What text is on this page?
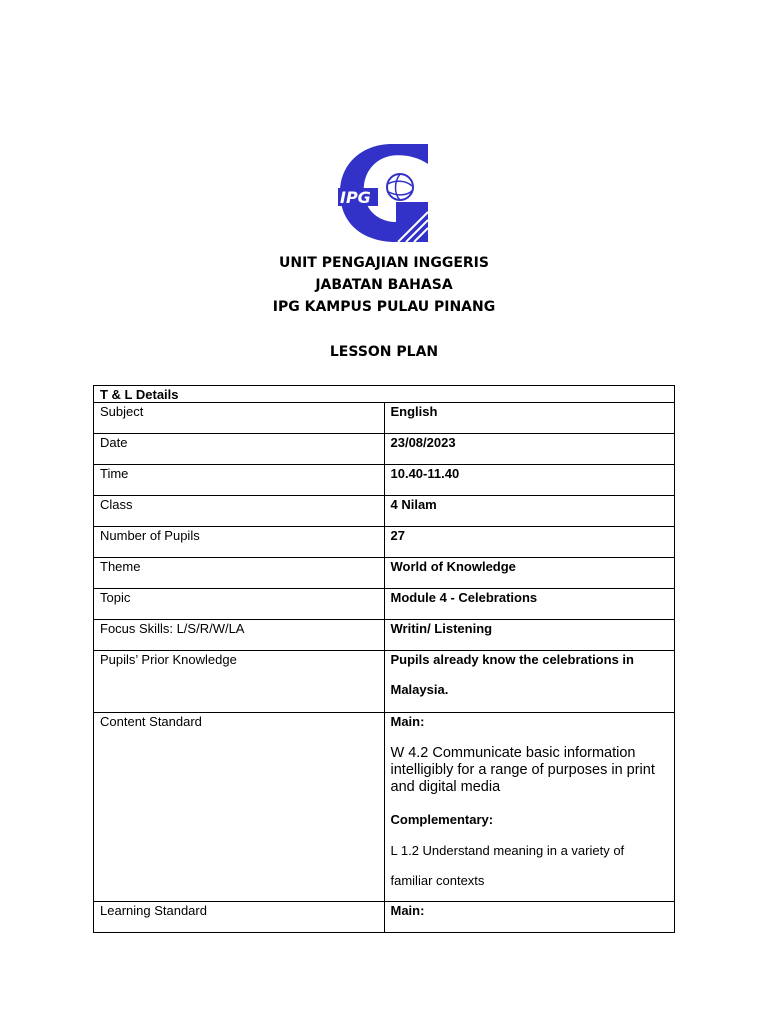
IPG
UNIT PENGAJIAN INGGERIS
JABATAN BAHASA
IPG KAMPUS PULAU PINANG
LESSON PLAN
T & L Details	
Subject	English
Date	23/08/2023
Time	10.40-11.40
Class	4 Nilam
Number of Pupils	27
Theme	World of Knowledge
Topic	Module 4 - Celebrations
Focus Skills: L/S/R/W/LA	Writin/ Listening
Pupils’ Prior Knowledge	Pupils already know the celebrations in

Malaysia.

Content Standard	Main:

W 4.2 Communicate basic information intelligibly for a range of purposes in print and digital media

Complementary:

L 1.2 Understand meaning in a variety of

familiar contexts

Learning Standard	Main:
